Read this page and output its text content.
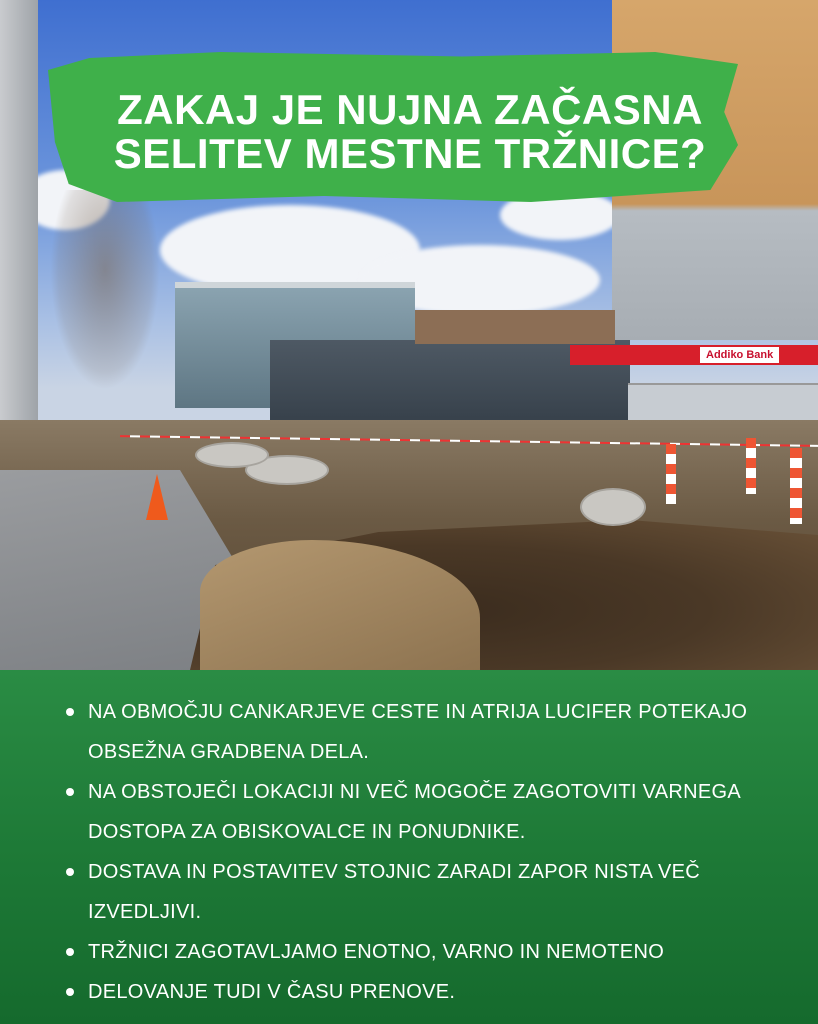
Addiko Bank
ZAKAJ JE NUJNA ZAČASNA
SELITEV MESTNE TRŽNICE?
NA OBMOČJU CANKARJEVE CESTE IN ATRIJA LUCIFER POTEKAJO OBSEŽNA GRADBENA DELA.
NA OBSTOJEČI LOKACIJI NI VEČ MOGOČE ZAGOTOVITI VARNEGA DOSTOPA ZA OBISKOVALCE IN PONUDNIKE.
DOSTAVA IN POSTAVITEV STOJNIC ZARADI ZAPOR NISTA VEČ IZVEDLJIVI.
TRŽNICI ZAGOTAVLJAMO ENOTNO, VARNO IN NEMOTENO
DELOVANJE TUDI V ČASU PRENOVE.
